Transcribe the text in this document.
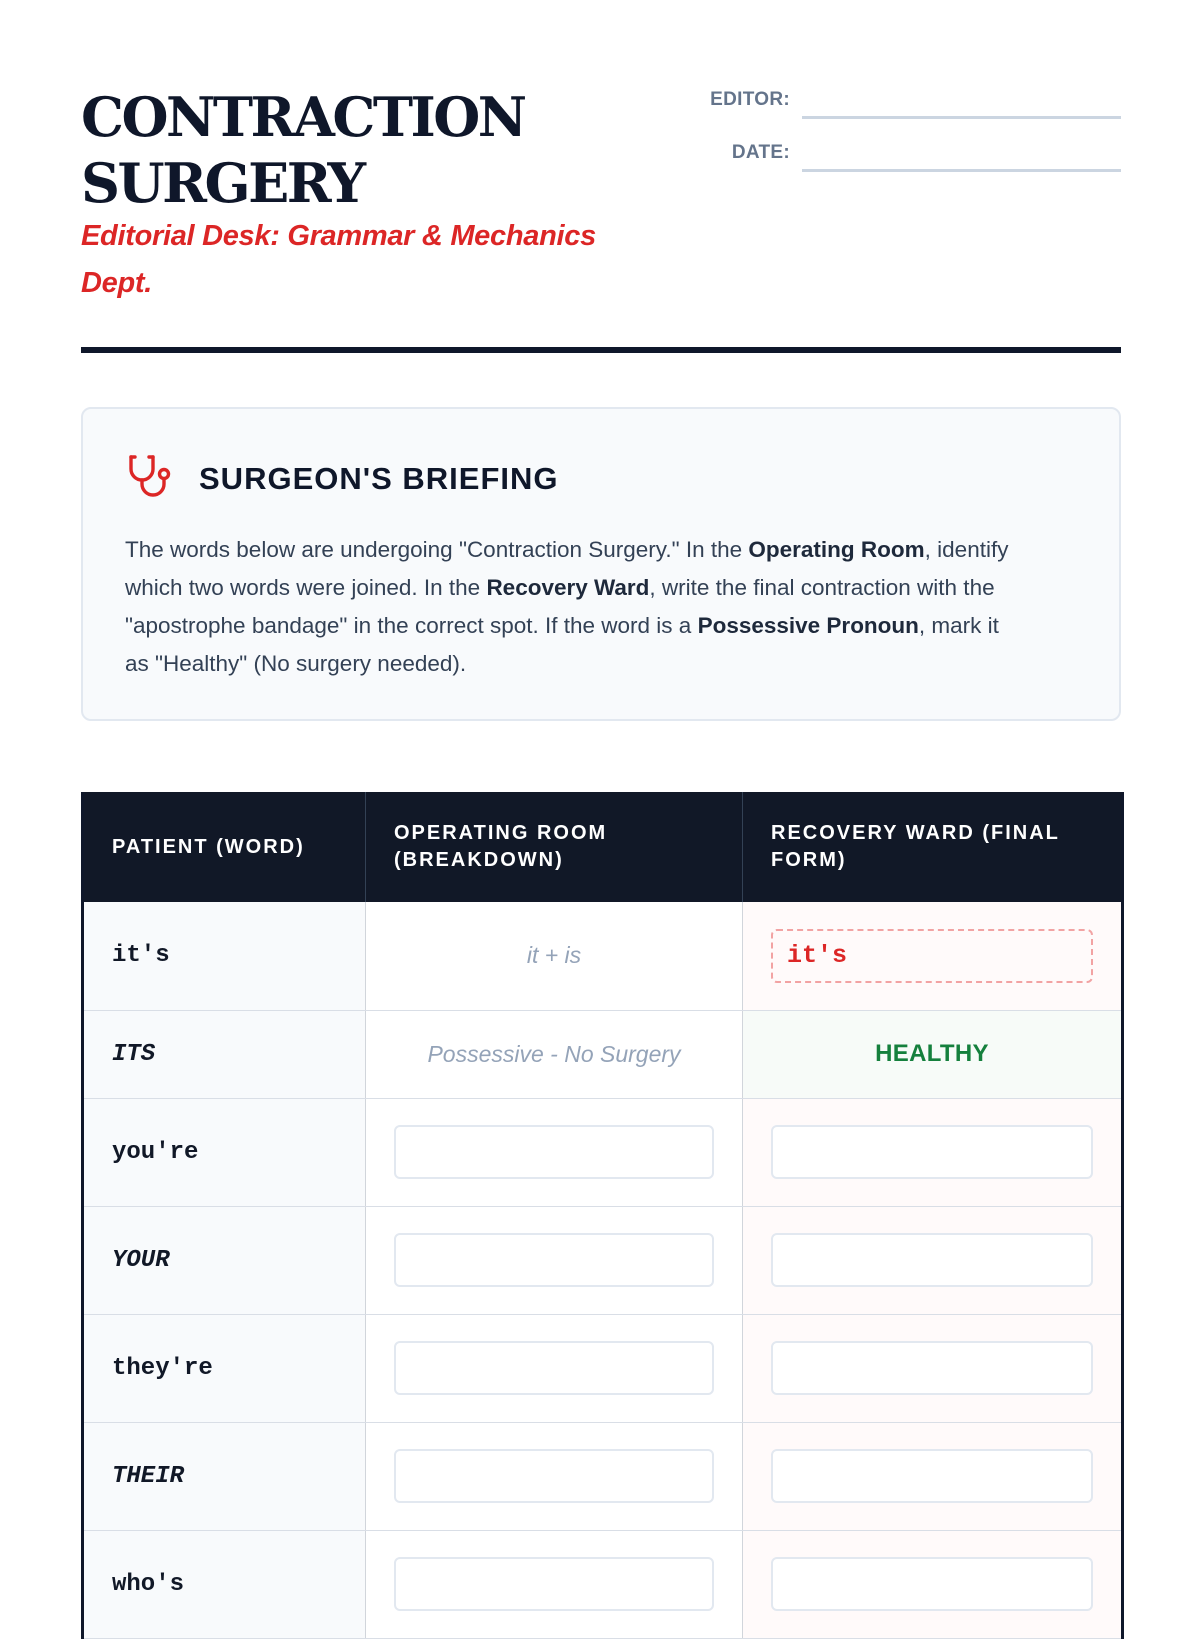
CONTRACTION
SURGERY

Editorial Desk: Grammar & Mechanics Dept.

EDITOR:
DATE:
SURGEON'S BRIEFING
The words below are undergoing "Contraction Surgery." In the Operating Room, identify which two words were joined. In the Recovery Ward, write the final contraction with the "apostrophe bandage" in the correct spot. If the word is a Possessive Pronoun, mark it as "Healthy" (No surgery needed).
PATIENT (WORD)	OPERATING ROOM (BREAKDOWN)	RECOVERY WARD (FINAL FORM)
it's	it + is	it's

ITS	Possessive - No Surgery	HEALTHY

you're	

YOUR	

they're	

THEIR	

who's	
